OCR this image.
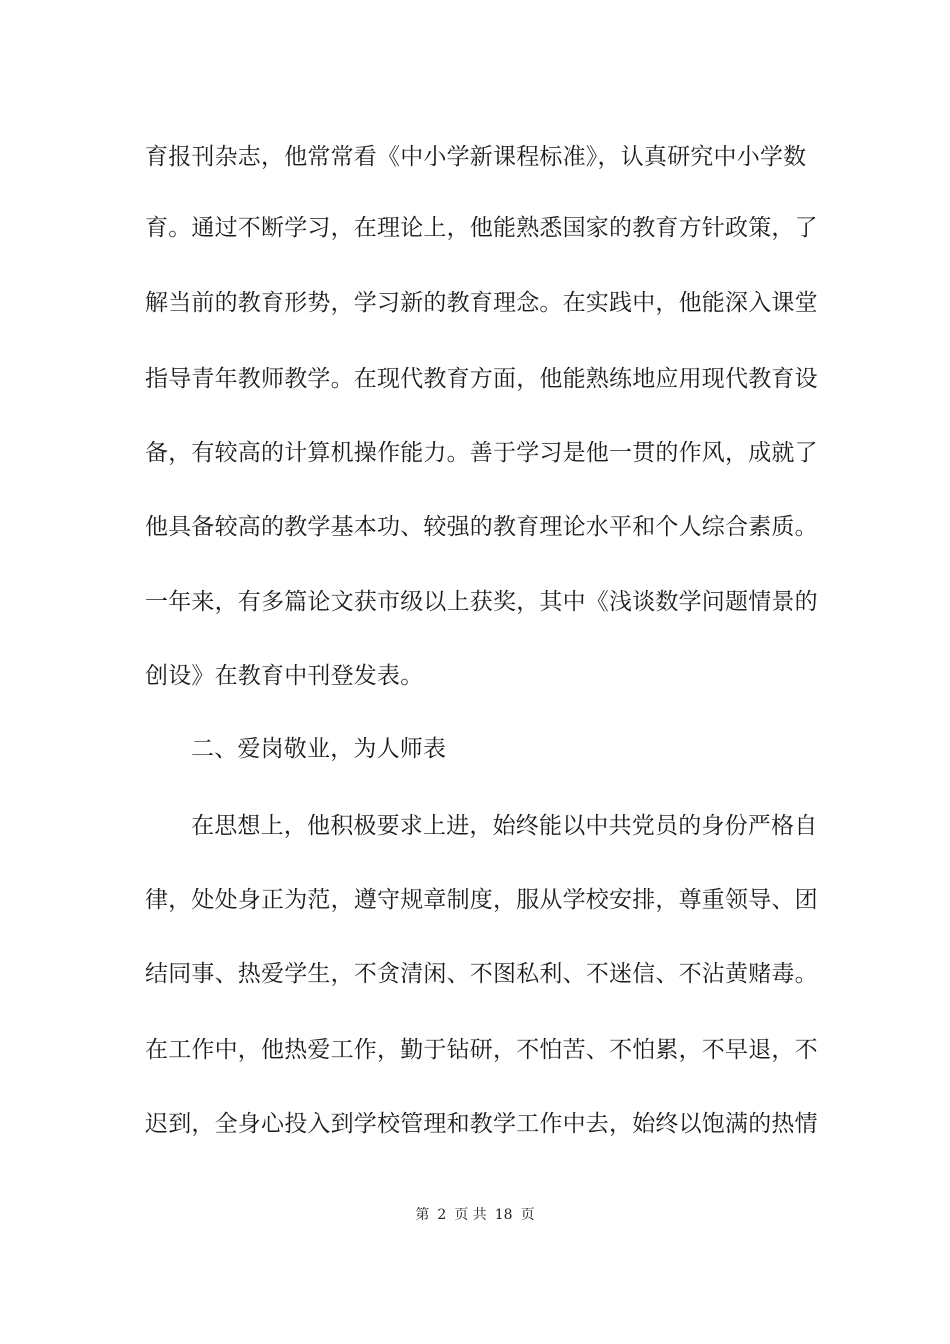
育报刊杂志，他常常看《中小学新课程标准》，认真研究中小学数
育。通过不断学习，在理论上，他能熟悉国家的教育方针政策，了
解当前的教育形势，学习新的教育理念。在实践中，他能深入课堂
指导青年教师教学。在现代教育方面，他能熟练地应用现代教育设
备，有较高的计算机操作能力。善于学习是他一贯的作风，成就了
他具备较高的教学基本功、较强的教育理论水平和个人综合素质。
一年来，有多篇论文获市级以上获奖，其中《浅谈数学问题情景的
创设》在教育中刊登发表。
二、爱岗敬业，为人师表
在思想上，他积极要求上进，始终能以中共党员的身份严格自
律，处处身正为范，遵守规章制度，服从学校安排，尊重领导、团
结同事、热爱学生，不贪清闲、不图私利、不迷信、不沾黄赌毒。
在工作中，他热爱工作，勤于钻研，不怕苦、不怕累，不早退，不
迟到，全身心投入到学校管理和教学工作中去，始终以饱满的热情
第 2 页 共 18 页
